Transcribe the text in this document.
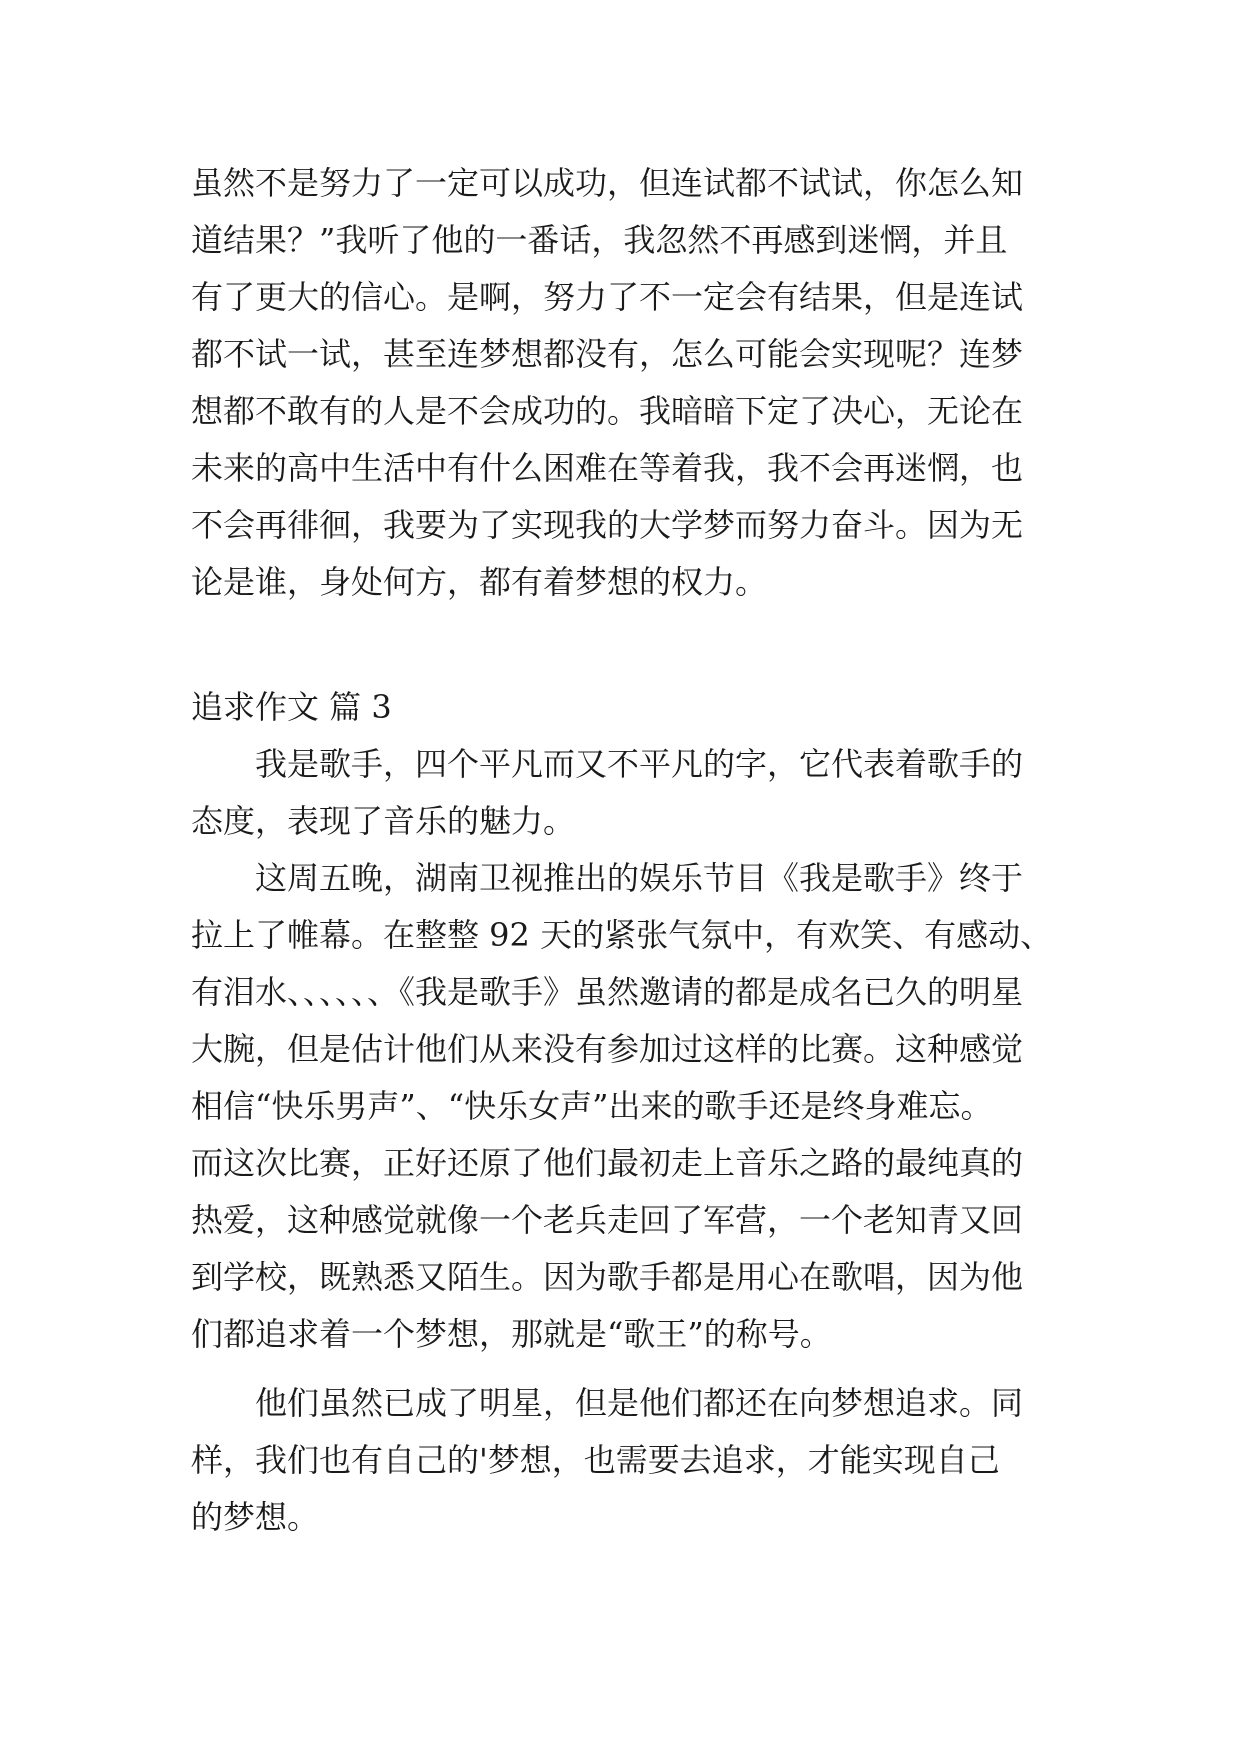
虽然不是努力了一定可以成功，但连试都不试试，你怎么知
道结果？”我听了他的一番话，我忽然不再感到迷惘，并且
有了更大的信心。是啊，努力了不一定会有结果，但是连试
都不试一试，甚至连梦想都没有，怎么可能会实现呢？连梦
想都不敢有的人是不会成功的。我暗暗下定了决心，无论在
未来的高中生活中有什么困难在等着我，我不会再迷惘，也
不会再徘徊，我要为了实现我的大学梦而努力奋斗。因为无
论是谁，身处何方，都有着梦想的权力。
追求作文 篇 3
我是歌手，四个平凡而又不平凡的字，它代表着歌手的
态度，表现了音乐的魅力。
这周五晚，湖南卫视推出的娱乐节目《我是歌手》终于
拉上了帷幕。在整整 92 天的紧张气氛中，有欢笑、有感动、
有泪水、、、、、、《我是歌手》虽然邀请的都是成名已久的明星
大腕，但是估计他们从来没有参加过这样的比赛。这种感觉
相信“快乐男声”、“快乐女声”出来的歌手还是终身难忘。
而这次比赛，正好还原了他们最初走上音乐之路的最纯真的
热爱，这种感觉就像一个老兵走回了军营，一个老知青又回
到学校，既熟悉又陌生。因为歌手都是用心在歌唱，因为他
们都追求着一个梦想，那就是“歌王”的称号。
他们虽然已成了明星，但是他们都还在向梦想追求。同
样，我们也有自己的'梦想，也需要去追求，才能实现自己
的梦想。
